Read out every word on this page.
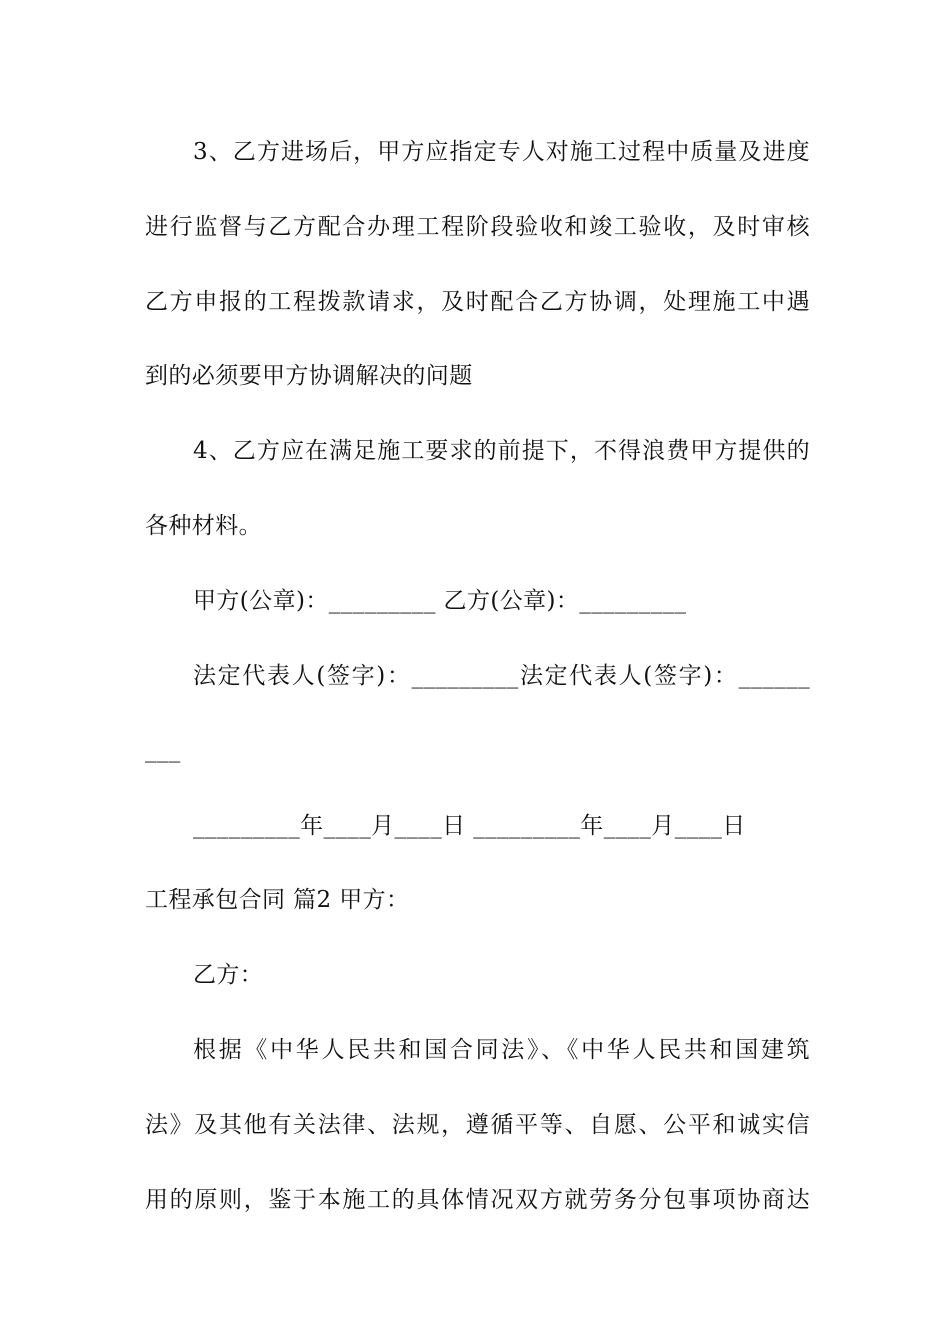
3、乙方进场后，甲方应指定专人对施工过程中质量及进度
进行监督与乙方配合办理工程阶段验收和竣工验收，及时审核
乙方申报的工程拨款请求，及时配合乙方协调，处理施工中遇
到的必须要甲方协调解决的问题
4、乙方应在满足施工要求的前提下，不得浪费甲方提供的
各种材料。
甲方(公章)：_________ 乙方(公章)：_________
法定代表人(签字)：_________法定代表人(签字)：______
___
_________年____月____日 _________年____月____日
工程承包合同 篇2 甲方：
乙方：
根据《中华人民共和国合同法》、《中华人民共和国建筑
法》及其他有关法律、法规，遵循平等、自愿、公平和诚实信
用的原则，鉴于本施工的具体情况双方就劳务分包事项协商达
